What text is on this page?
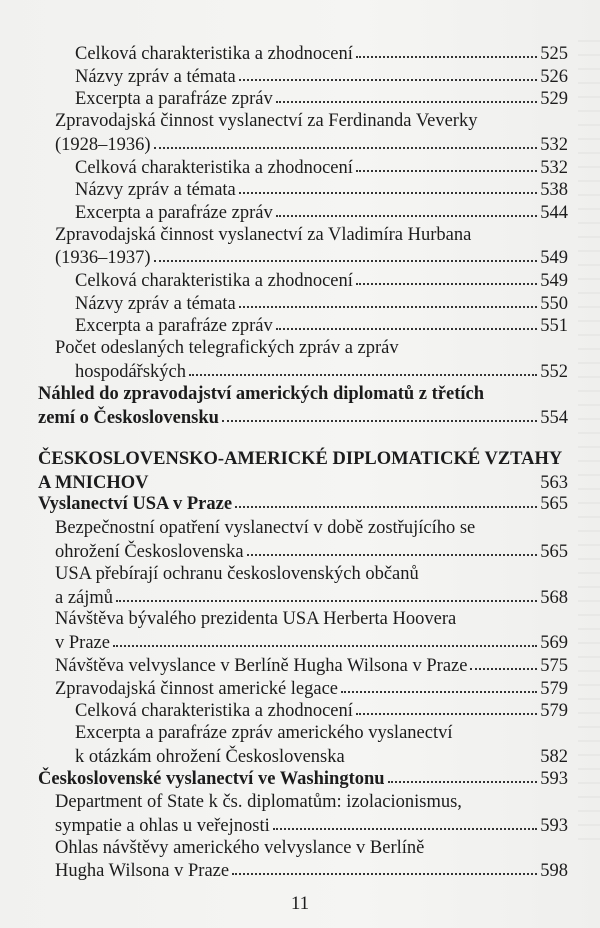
Celková charakteristika a zhodnocení	525
Názvy zpráv a témata	526
Excerpta a parafráze zpráv	529
Zpravodajská činnost vyslanectví za Ferdinanda Veverky
(1928–1936)	532
Celková charakteristika a zhodnocení	532
Názvy zpráv a témata	538
Excerpta a parafráze zpráv	544
Zpravodajská činnost vyslanectví za Vladimíra Hurbana
(1936–1937)	549
Celková charakteristika a zhodnocení	549
Názvy zpráv a témata	550
Excerpta a parafráze zpráv	551
Počet odeslaných telegrafických zpráv a zpráv
hospodářských	552
Náhled do zpravodajství amerických diplomatů z třetích
zemí o Československu	554
ČESKOSLOVENSKO-AMERICKÉ DIPLOMATICKÉ VZTAHY
A MNICHOV	563
Vyslanectví USA v Praze	565
Bezpečnostní opatření vyslanectví v době zostřujícího se
ohrožení Československa	565
USA přebírají ochranu československých občanů
a zájmů	568
Návštěva bývalého prezidenta USA Herberta Hoovera
v Praze	569
Návštěva velvyslance v Berlíně Hugha Wilsona v Praze	575
Zpravodajská činnost americké legace	579
Celková charakteristika a zhodnocení	579
Excerpta a parafráze zpráv amerického vyslanectví
k otázkám ohrožení Československa	582
Československé vyslanectví ve Washingtonu	593
Department of State k čs. diplomatům: izolacionismus,
sympatie a ohlas u veřejnosti	593
Ohlas návštěvy amerického velvyslance v Berlíně
Hugha Wilsona v Praze	598
11
